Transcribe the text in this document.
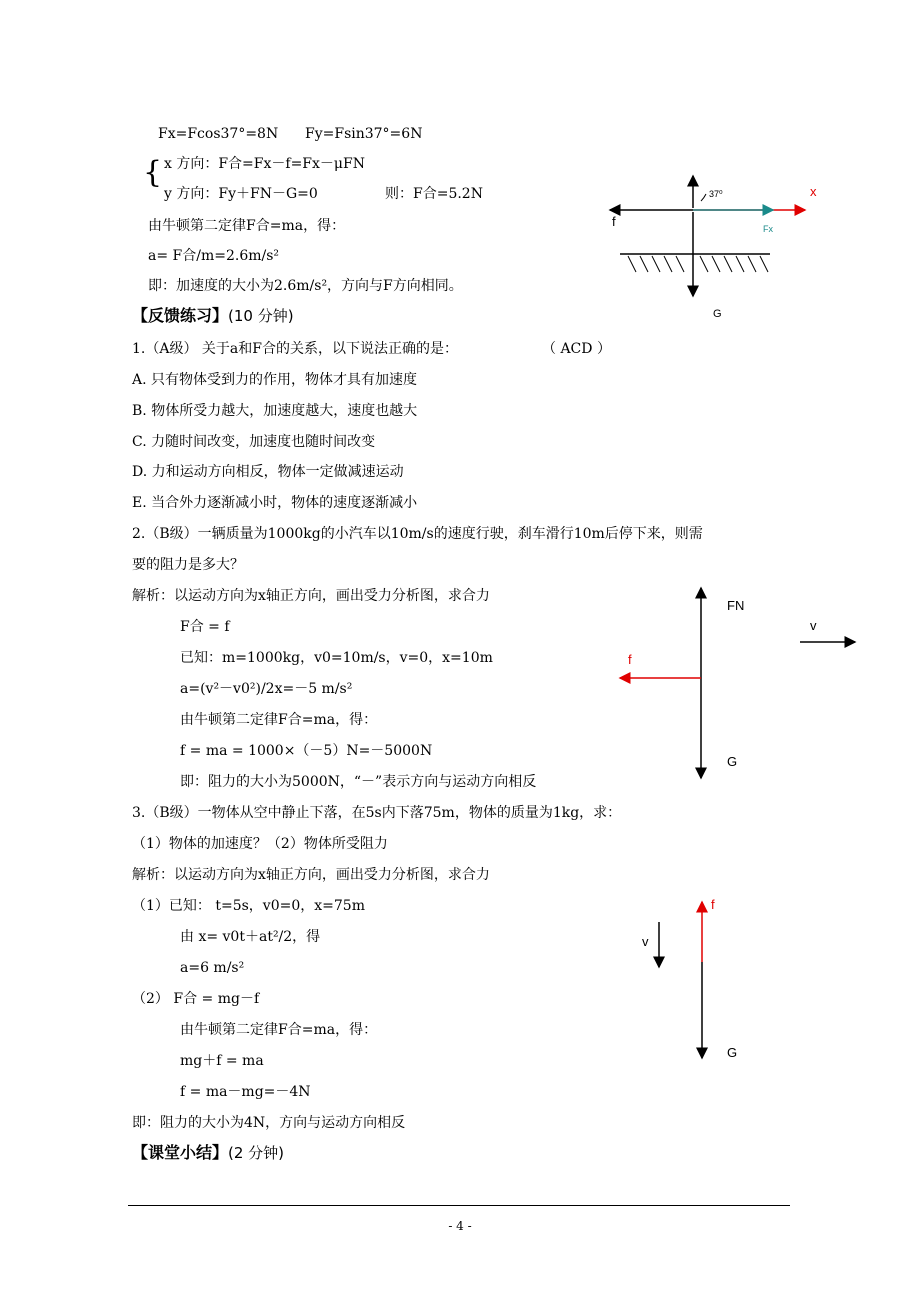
Fx=Fcos37°=8N Fy=Fsin37°=6N
{ x 方向：F合=Fx－f=Fx－μFN
y 方向：Fy＋FN－G=0	则：F合=5.2N
由牛顿第二定律F合=ma，得：
a= F合/m=2.6m/s²
即：加速度的大小为2.6m/s²，方向与F方向相同。
x
f	Fx
37⁰
G
【反馈练习】(10 分钟)
1.（A级） 关于a和F合的关系，以下说法正确的是：	（ ACD ）
A. 只有物体受到力的作用，物体才具有加速度
B. 物体所受力越大，加速度越大，速度也越大
C. 力随时间改变，加速度也随时间改变
D. 力和运动方向相反，物体一定做减速运动
E. 当合外力逐渐减小时，物体的速度逐渐减小
2.（B级）一辆质量为1000kg的小汽车以10m/s的速度行驶，刹车滑行10m后停下来，则需
要的阻力是多大？
解析：以运动方向为x轴正方向，画出受力分析图，求合力
F合 = f
已知：m=1000kg，v0=10m/s，v=0，x=10m
a=(v²－v0²)/2x=－5 m/s²
由牛顿第二定律F合=ma，得：
f = ma = 1000×（－5）N=－5000N
即：阻力的大小为5000N，“－”表示方向与运动方向相反
FN
v
f
G
3.（B级）一物体从空中静止下落，在5s内下落75m，物体的质量为1kg，求：
（1）物体的加速度？（2）物体所受阻力
解析：以运动方向为x轴正方向，画出受力分析图，求合力
（1）已知： t=5s，v0=0，x=75m
由 x= v0t＋at²/2，得
a=6 m/s²
（2） F合 = mg－f
由牛顿第二定律F合=ma，得：
mg＋f = ma
f = ma－mg=－4N
即：阻力的大小为4N，方向与运动方向相反
f
v
G
【课堂小结】(2 分钟)
- 4 -
